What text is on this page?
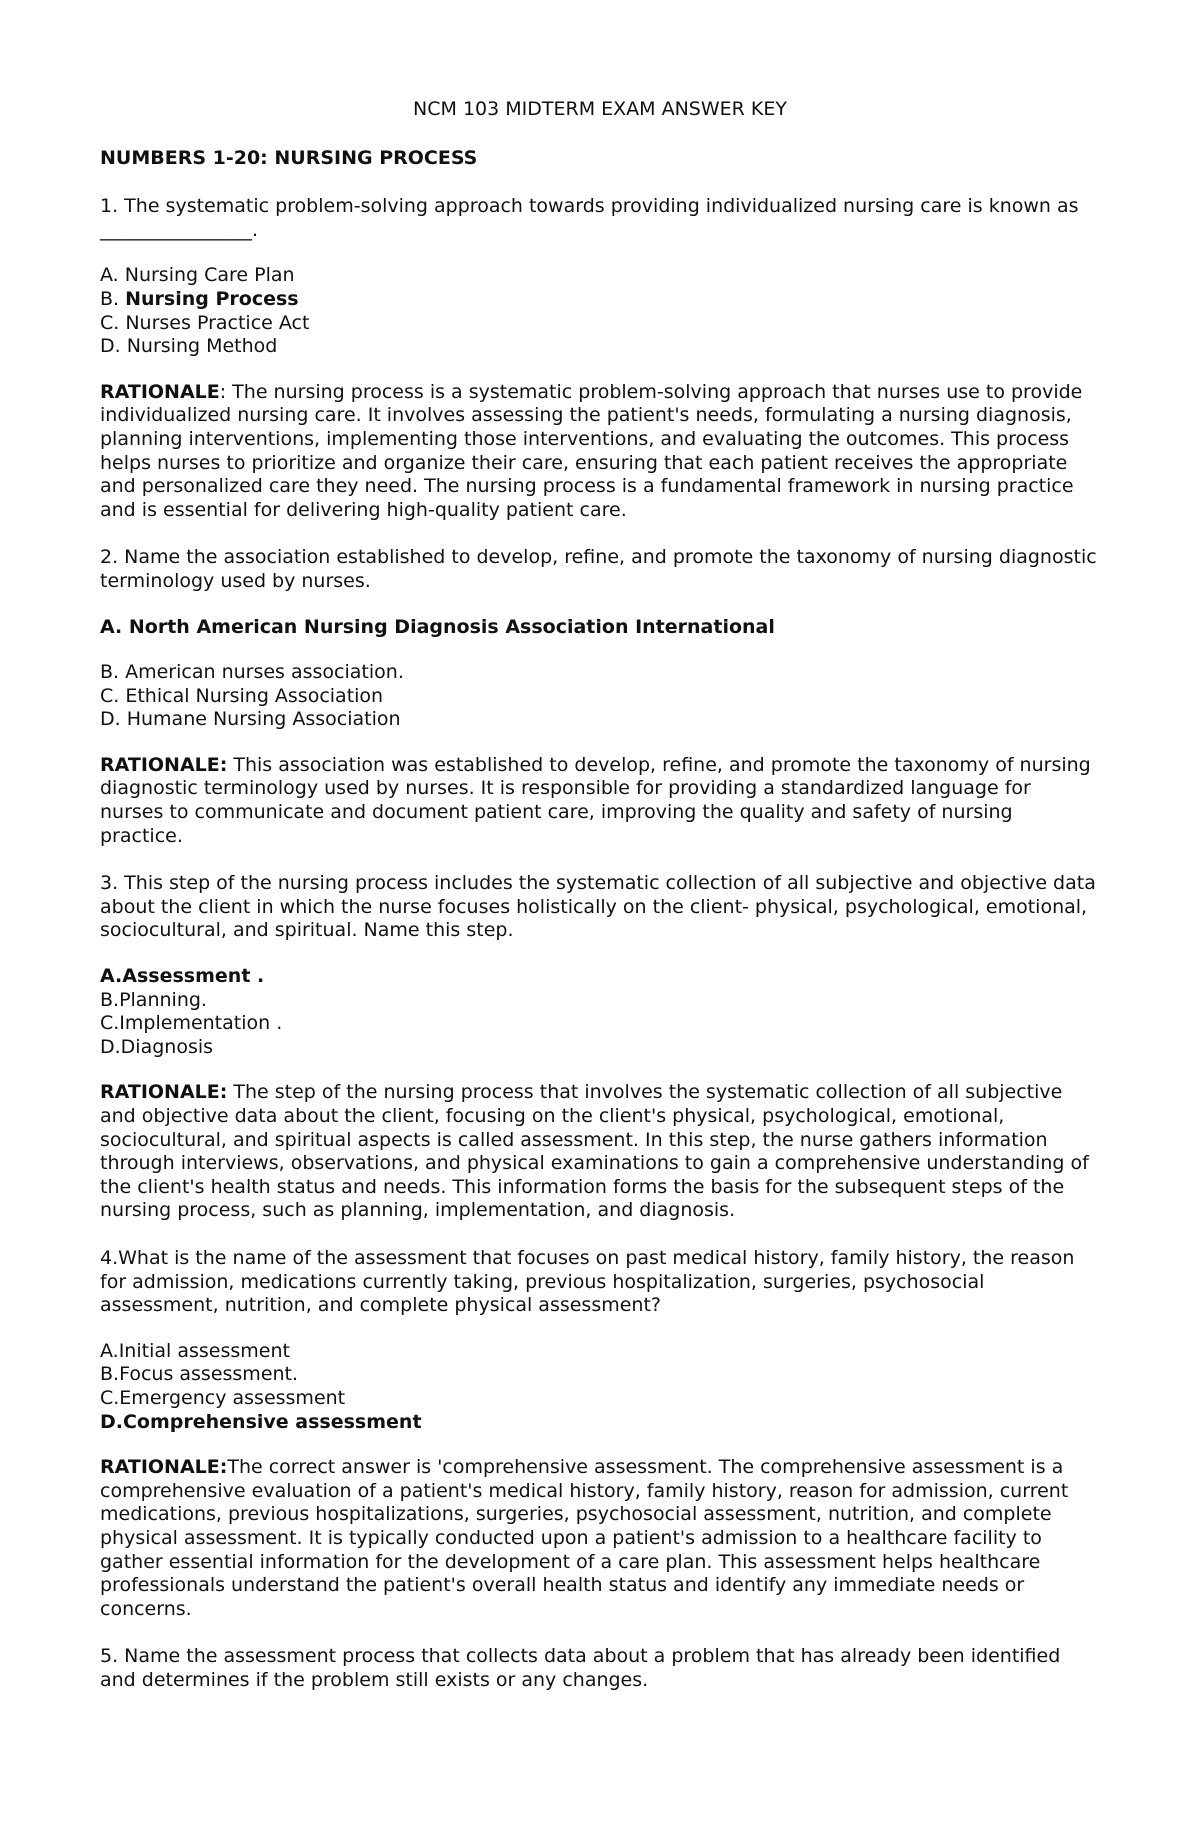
NCM 103 MIDTERM EXAM ANSWER KEY
NUMBERS 1-20: NURSING PROCESS

1. The systematic problem-solving approach towards providing individualized nursing care is known as ________________.

A. Nursing Care Plan
B. Nursing Process
C. Nurses Practice Act
D. Nursing Method

RATIONALE: The nursing process is a systematic problem-solving approach that nurses use to provide individualized nursing care. It involves assessing the patient's needs, formulating a nursing diagnosis, planning interventions, implementing those interventions, and evaluating the outcomes. This process helps nurses to prioritize and organize their care, ensuring that each patient receives the appropriate and personalized care they need. The nursing process is a fundamental framework in nursing practice and is essential for delivering high-quality patient care.

2. Name the association established to develop, refine, and promote the taxonomy of nursing diagnostic terminology used by nurses.

A. North American Nursing Diagnosis Association International

B. American nurses association.
C. Ethical Nursing Association
D. Humane Nursing Association

RATIONALE: This association was established to develop, refine, and promote the taxonomy of nursing diagnostic terminology used by nurses. It is responsible for providing a standardized language for nurses to communicate and document patient care, improving the quality and safety of nursing practice.

3. This step of the nursing process includes the systematic collection of all subjective and objective data about the client in which the nurse focuses holistically on the client- physical, psychological, emotional, sociocultural, and spiritual. Name this step.

A.Assessment .
B.Planning.
C.Implementation .
D.Diagnosis

RATIONALE: The step of the nursing process that involves the systematic collection of all subjective and objective data about the client, focusing on the client's physical, psychological, emotional, sociocultural, and spiritual aspects is called assessment. In this step, the nurse gathers information through interviews, observations, and physical examinations to gain a comprehensive understanding of the client's health status and needs. This information forms the basis for the subsequent steps of the nursing process, such as planning, implementation, and diagnosis.

4.What is the name of the assessment that focuses on past medical history, family history, the reason for admission, medications currently taking, previous hospitalization, surgeries, psychosocial assessment, nutrition, and complete physical assessment?

A.Initial assessment
B.Focus assessment.
C.Emergency assessment
D.Comprehensive assessment

RATIONALE:The correct answer is 'comprehensive assessment. The comprehensive assessment is a comprehensive evaluation of a patient's medical history, family history, reason for admission, current medications, previous hospitalizations, surgeries, psychosocial assessment, nutrition, and complete physical assessment. It is typically conducted upon a patient's admission to a healthcare facility to gather essential information for the development of a care plan. This assessment helps healthcare professionals understand the patient's overall health status and identify any immediate needs or concerns.

5. Name the assessment process that collects data about a problem that has already been identified and determines if the problem still exists or any changes.
